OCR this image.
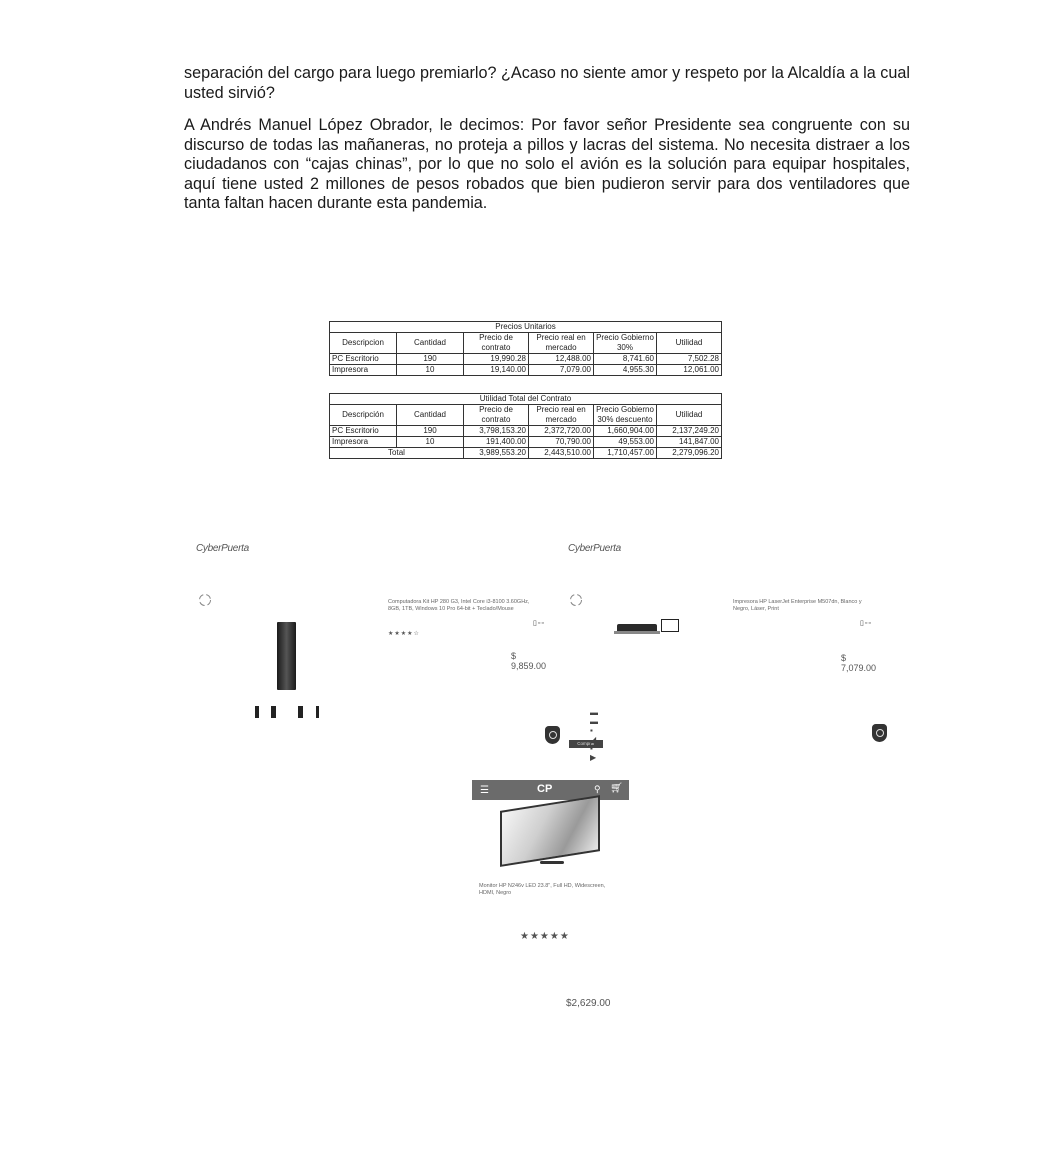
separación del cargo para luego premiarlo? ¿Acaso no siente amor y respeto por la Alcaldía a la cual usted sirvió?

A Andrés Manuel López Obrador, le decimos: Por favor señor Presidente sea congruente con su discurso de todas las mañaneras, no proteja a pillos y lacras del sistema. No necesita distraer a los ciudadanos con “cajas chinas”, por lo que no solo el avión es la solución para equipar hospitales, aquí tiene usted 2 millones de pesos robados que bien pudieron servir para dos ventiladores que tanta faltan hacen durante esta pandemia.

Precios Unitarios					
Descripcion	Cantidad	Precio de contrato	Precio real en mercado	Precio Gobierno 30%	Utilidad
PC Escritorio	190	19,990.28	12,488.00	8,741.60	7,502.28
Impresora	10	19,140.00	7,079.00	4,955.30	12,061.00
Utilidad Total del Contrato					
Descripción	Cantidad	Precio de contrato	Precio real en mercado	Precio Gobierno 30% descuento	Utilidad
PC Escritorio	190	3,798,153.20	2,372,720.00	1,660,904.00	2,137,249.20
Impresora	10	191,400.00	70,790.00	49,553.00	141,847.00
Total		3,989,553.20	2,443,510.00	1,710,457.00	2,279,096.20
CyberPuerta
Computadora Kit HP 280 G3, Intel Core i3-8100 3.60GHz, 8GB, 1TB, Windows 10 Pro 64-bit + Teclado/Mouse
▯▫▫
★★★★☆
$ 9,859.00
Comprar
CyberPuerta
▬ ▬ ▪ ◢ ▪ ▶
Impresora HP LaserJet Enterprise M507dn, Blanco y Negro, Láser, Print
▯▫▫
$ 7,079.00
☰	CP	⚲ 🛒︎
Monitor HP N246v LED 23.8", Full HD, Widescreen, HDMI, Negro
★★★★★
$2,629.00
